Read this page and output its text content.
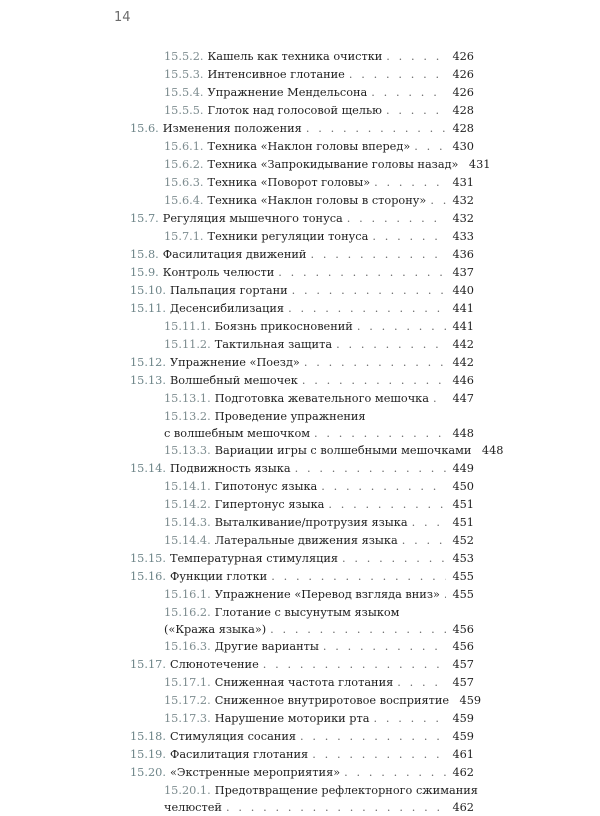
14
15.5.2. Кашель как техника очистки . . .	426
15.5.3. Интенсивное глотание . . .	426
15.5.4. Упражнение Мендельсона . . .	426
15.5.5. Глоток над голосовой щелью . . .	428
15.6. Изменения положения . . .	428
15.6.1. Техника «Наклон головы вперед» . . .	430
15.6.2. Техника «Запрокидывание головы назад» 431
15.6.3. Техника «Поворот головы» . . .	431
15.6.4. Техника «Наклон головы в сторону» . . . 432
15.7. Регуляция мышечного тонуса . . .	432
15.7.1. Техники регуляции тонуса . . .	433
15.8. Фасилитация движений . . .	436
15.9. Контроль челюсти . . .	437
15.10. Пальпация гортани . . .	440
15.11. Десенсибилизация . . .	441
15.11.1. Боязнь прикосновений . . .	441
15.11.2. Тактильная защита . . .	442
15.12. Упражнение «Поезд» . . .	442
15.13. Волшебный мешочек . . .	446
15.13.1. Подготовка жевательного мешочка . . . 447
15.13.2. Проведение упражнения
с волшебным мешочком . . .	448
15.13.3. Вариации игры с волшебными мешочками 448
15.14. Подвижность языка . . .	449
15.14.1. Гипотонус языка . . .	450
15.14.2. Гипертонус языка . . .	451
15.14.3. Выталкивание/протрузия языка . . .	451
15.14.4. Латеральные движения языка . . .	452
15.15. Температурная стимуляция . . .	453
15.16. Функции глотки . . .	455
15.16.1. Упражнение «Перевод взгляда вниз» . . . 455
15.16.2. Глотание с высунутым языком
(«Кража языка») . . .	456
15.16.3. Другие варианты . . .	456
15.17. Слюнотечение . . .	457
15.17.1. Сниженная частота глотания . . .	457
15.17.2. Сниженное внутриротовое восприятие 459
15.17.3. Нарушение моторики рта . . .	459
15.18. Стимуляция сосания . . .	459
15.19. Фасилитация глотания . . .	461
15.20. «Экстренные мероприятия» . . .	462
15.20.1. Предотвращение рефлекторного сжимания
челюстей . . .	462
